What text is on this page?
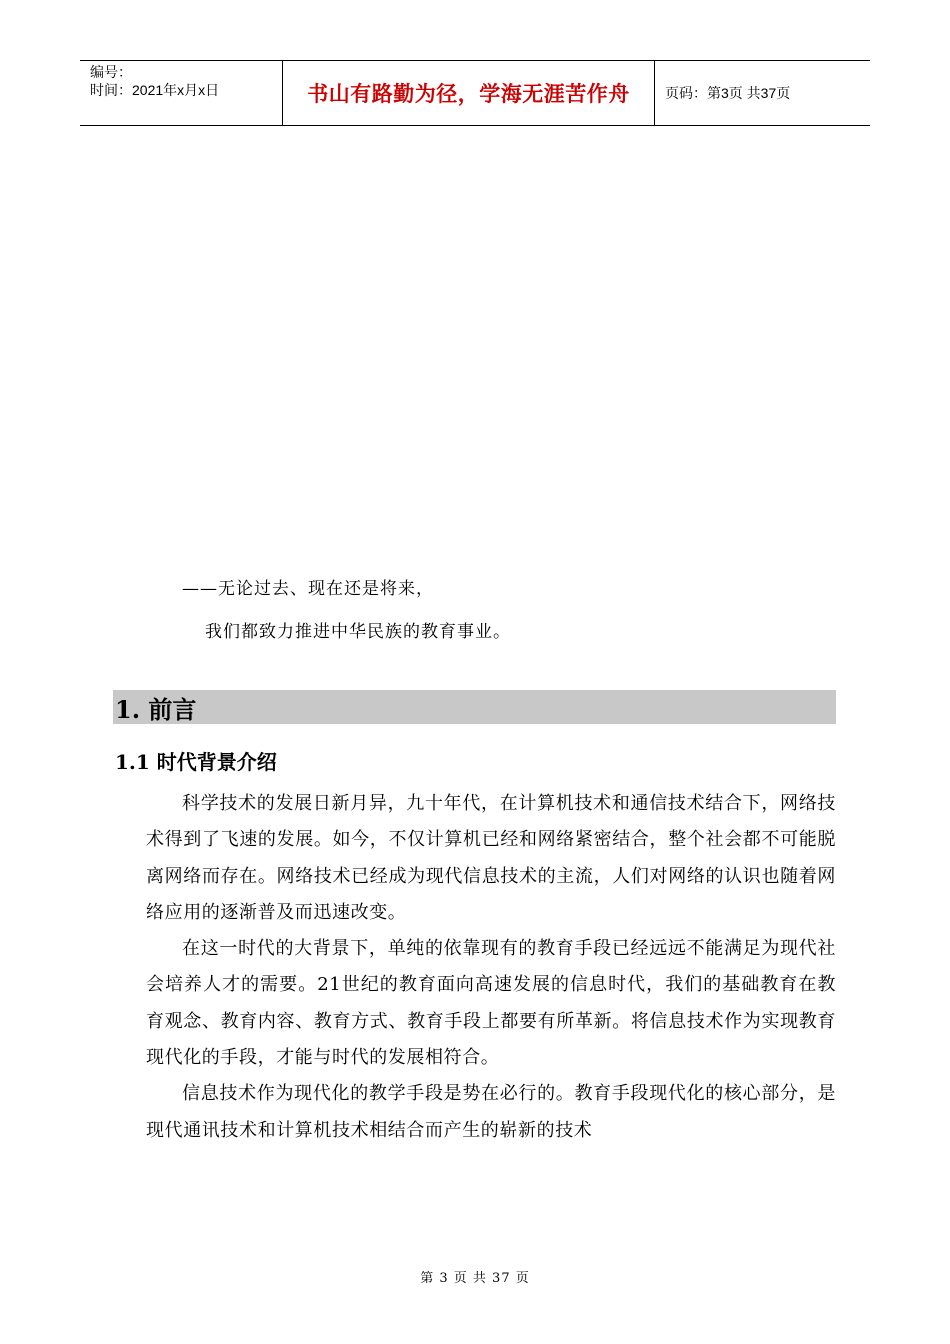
编号：
时间：2021年x月x日	书山有路勤为径，学海无涯苦作舟	页码：第3页 共37页
——无论过去、现在还是将来，
我们都致力推进中华民族的教育事业。
1. 前言
1.1 时代背景介绍

科学技术的发展日新月异，九十年代，在计算机技术和通信技术结合下，网络技术得到了飞速的发展。如今，不仅计算机已经和网络紧密结合，整个社会都不可能脱离网络而存在。网络技术已经成为现代信息技术的主流，人们对网络的认识也随着网络应用的逐渐普及而迅速改变。

在这一时代的大背景下，单纯的依靠现有的教育手段已经远远不能满足为现代社会培养人才的需要。21世纪的教育面向高速发展的信息时代，我们的基础教育在教育观念、教育内容、教育方式、教育手段上都要有所革新。将信息技术作为实现教育现代化的手段，才能与时代的发展相符合。

信息技术作为现代化的教学手段是势在必行的。教育手段现代化的核心部分，是现代通讯技术和计算机技术相结合而产生的崭新的技术

第 3 页 共 37 页
